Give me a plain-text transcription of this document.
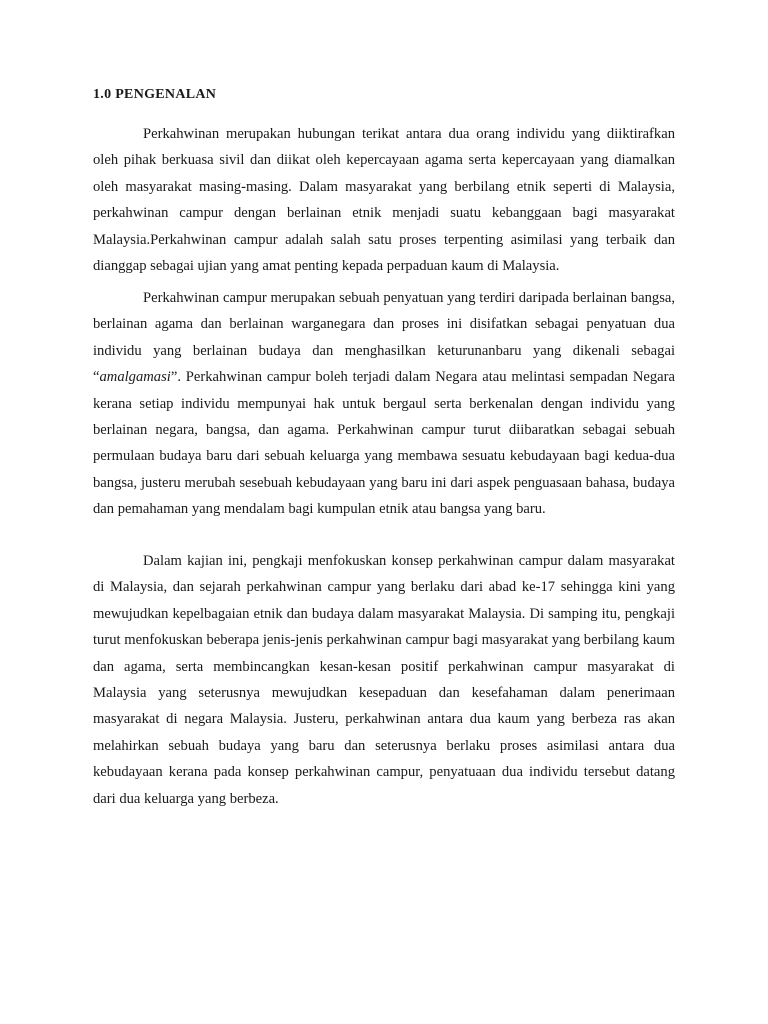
1.0 PENGENALAN

Perkahwinan merupakan hubungan terikat antara dua orang individu yang diiktirafkan oleh pihak berkuasa sivil dan diikat oleh kepercayaan agama serta kepercayaan yang diamalkan oleh masyarakat masing-masing. Dalam masyarakat yang berbilang etnik seperti di Malaysia, perkahwinan campur dengan berlainan etnik menjadi suatu kebanggaan bagi masyarakat Malaysia.Perkahwinan campur adalah salah satu proses terpenting asimilasi yang terbaik dan dianggap sebagai ujian yang amat penting kepada perpaduan kaum di Malaysia.

Perkahwinan campur merupakan sebuah penyatuan yang terdiri daripada berlainan bangsa, berlainan agama dan berlainan warganegara dan proses ini disifatkan sebagai penyatuan dua individu yang berlainan budaya dan menghasilkan keturunanbaru yang dikenali sebagai “amalgamasi”. Perkahwinan campur boleh terjadi dalam Negara atau melintasi sempadan Negara kerana setiap individu mempunyai hak untuk bergaul serta berkenalan dengan individu yang berlainan negara, bangsa, dan agama. Perkahwinan campur turut diibaratkan sebagai sebuah permulaan budaya baru dari sebuah keluarga yang membawa sesuatu kebudayaan bagi kedua-dua bangsa, justeru merubah sesebuah kebudayaan yang baru ini dari aspek penguasaan bahasa, budaya dan pemahaman yang mendalam bagi kumpulan etnik atau bangsa yang baru.

Dalam kajian ini, pengkaji menfokuskan konsep perkahwinan campur dalam masyarakat di Malaysia, dan sejarah perkahwinan campur yang berlaku dari abad ke-17 sehingga kini yang mewujudkan kepelbagaian etnik dan budaya dalam masyarakat Malaysia. Di samping itu, pengkaji turut menfokuskan beberapa jenis-jenis perkahwinan campur bagi masyarakat yang berbilang kaum dan agama, serta membincangkan kesan-kesan positif perkahwinan campur masyarakat di Malaysia yang seterusnya mewujudkan kesepaduan dan kesefahaman dalam penerimaan masyarakat di negara Malaysia. Justeru, perkahwinan antara dua kaum yang berbeza ras akan melahirkan sebuah budaya yang baru dan seterusnya berlaku proses asimilasi antara dua kebudayaan kerana pada konsep perkahwinan campur, penyatuaan dua individu tersebut datang dari dua keluarga yang berbeza.
